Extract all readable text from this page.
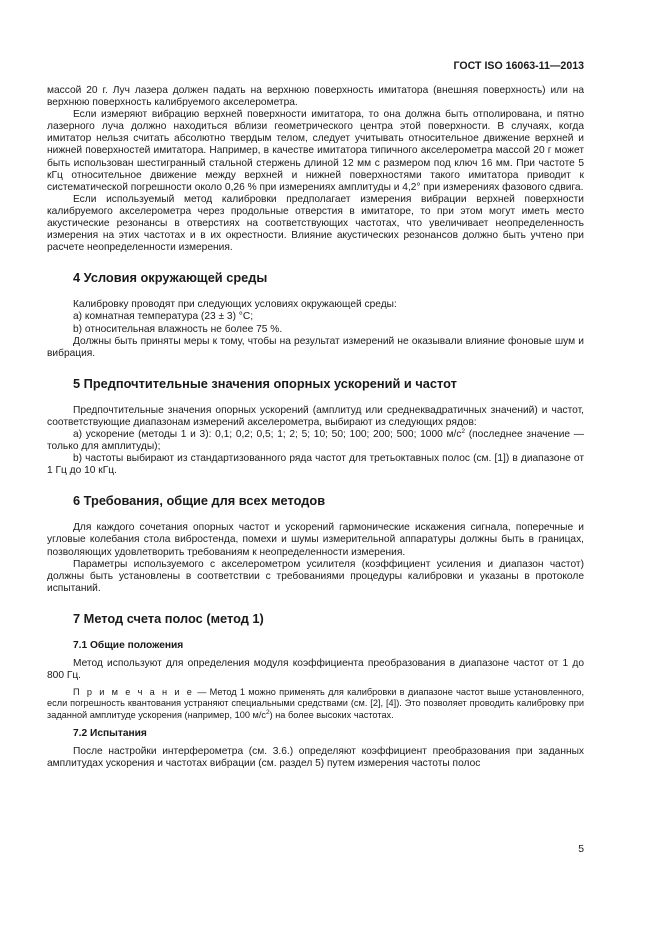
ГОСТ ISO 16063-11—2013

массой 20 г. Луч лазера должен падать на верхнюю поверхность имитатора (внешняя поверхность) или на верхнюю поверхность калибруемого акселерометра.

Если измеряют вибрацию верхней поверхности имитатора, то она должна быть отполирована, и пятно лазерного луча должно находиться вблизи геометрического центра этой поверхности. В случаях, когда имитатор нельзя считать абсолютно твердым телом, следует учитывать относительное движение верхней и нижней поверхностей имитатора. Например, в качестве имитатора типичного акселерометра массой 20 г может быть использован шестигранный стальной стержень длиной 12 мм с размером под ключ 16 мм. При частоте 5 кГц относительное движение между верхней и нижней поверхностями такого имитатора приводит к систематической погрешности около 0,26 % при измерениях амплитуды и 4,2° при измерениях фазового сдвига.

Если используемый метод калибровки предполагает измерения вибрации верхней поверхности калибруемого акселерометра через продольные отверстия в имитаторе, то при этом могут иметь место акустические резонансы в отверстиях на соответствующих частотах, что увеличивает неопределенность измерения на этих частотах и в их окрестности. Влияние акустических резонансов должно быть учтено при расчете неопределенности измерения.

4 Условия окружающей среды

Калибровку проводят при следующих условиях окружающей среды:

а) комнатная температура (23 ± 3) °С;

b) относительная влажность не более 75 %.

Должны быть приняты меры к тому, чтобы на результат измерений не оказывали влияние фоновые шум и вибрация.

5 Предпочтительные значения опорных ускорений и частот

Предпочтительные значения опорных ускорений (амплитуд или среднеквадратичных значений) и частот, соответствующие диапазонам измерений акселерометра, выбирают из следующих рядов:

а) ускорение (методы 1 и 3): 0,1; 0,2; 0,5; 1; 2; 5; 10; 50; 100; 200; 500; 1000 $м/с^2$ (последнее значение — только для амплитуды);

b) частоты выбирают из стандартизованного ряда частот для третьоктавных полос (см. [1]) в диапазоне от 1 Гц до 10 кГц.

6 Требования, общие для всех методов

Для каждого сочетания опорных частот и ускорений гармонические искажения сигнала, поперечные и угловые колебания стола вибростенда, помехи и шумы измерительной аппаратуры должны быть в границах, позволяющих удовлетворить требованиям к неопределенности измерения.

Параметры используемого с акселерометром усилителя (коэффициент усиления и диапазон частот) должны быть установлены в соответствии с требованиями процедуры калибровки и указаны в протоколе испытаний.

7 Метод счета полос (метод 1)
7.1 Общие положения

Метод используют для определения модуля коэффициента преобразования в диапазоне частот от 1 до 800 Гц.

П р и м е ч а н и е — Метод 1 можно применять для калибровки в диапазоне частот выше установленного, если погрешность квантования устраняют специальными средствами (см. [2], [4]). Это позволяет проводить калибровку при заданной амплитуде ускорения (например, 100 $м/с^2$) на более высоких частотах.

7.2 Испытания

После настройки интерферометра (см. 3.6.) определяют коэффициент преобразования при заданных амплитудах ускорения и частотах вибрации (см. раздел 5) путем измерения частоты полос

5
